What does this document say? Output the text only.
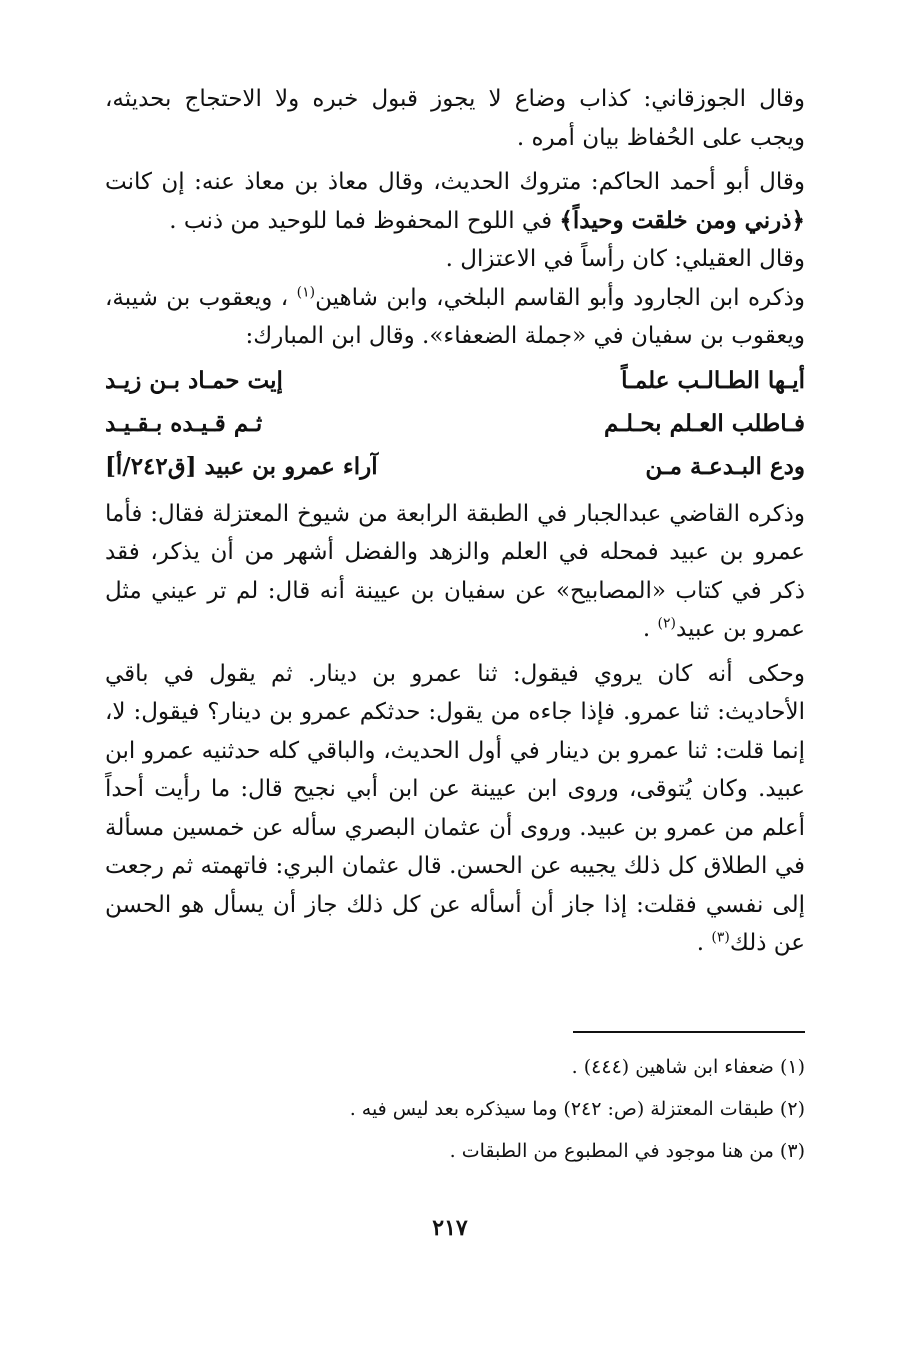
وقال الجوزقاني: كذاب وضاع لا يجوز قبول خبره ولا الاحتجاج بحديثه، ويجب على الحُفاظ بيان أمره .

وقال أبو أحمد الحاكم: متروك الحديث، وقال معاذ بن معاذ عنه: إن كانت ﴿ذرني ومن خلقت وحيداً﴾ في اللوح المحفوظ فما للوحيد من ذنب .

وقال العقيلي: كان رأساً في الاعتزال .

وذكره ابن الجارود وأبو القاسم البلخي، وابن شاهين$^{(١)}$ ، ويعقوب بن شيبة، ويعقوب بن سفيان في «جملة الضعفاء». وقال ابن المبارك:

أيـها الطـالـب علمـاً
إيت حمـاد بـن زيـد
فـاطلب العـلم بحـلـم
ثـم قـيـده بـقـيـد
ودع البـدعـة مـن
آراء عمرو بن عبيد [ق٢٤٢/أ]

وذكره القاضي عبدالجبار في الطبقة الرابعة من شيوخ المعتزلة فقال: فأما عمرو بن عبيد فمحله في العلم والزهد والفضل أشهر من أن يذكر، فقد ذكر في كتاب «المصابيح» عن سفيان بن عيينة أنه قال: لم تر عيني مثل عمرو بن عبيد$^{(٢)}$ .

وحكى أنه كان يروي فيقول: ثنا عمرو بن دينار. ثم يقول في باقي الأحاديث: ثنا عمرو. فإذا جاءه من يقول: حدثكم عمرو بن دينار؟ فيقول: لا، إنما قلت: ثنا عمرو بن دينار في أول الحديث، والباقي كله حدثنيه عمرو ابن عبيد. وكان يُتوقى، وروى ابن عيينة عن ابن أبي نجيح قال: ما رأيت أحداً أعلم من عمرو بن عبيد. وروى أن عثمان البصري سأله عن خمسين مسألة في الطلاق كل ذلك يجيبه عن الحسن. قال عثمان البري: فاتهمته ثم رجعت إلى نفسي فقلت: إذا جاز أن أسأله عن كل ذلك جاز أن يسأل هو الحسن عن ذلك$^{(٣)}$ .

(١) ضعفاء ابن شاهين (٤٤٤) .
(٢) طبقات المعتزلة (ص: ٢٤٢) وما سيذكره بعد ليس فيه .
(٣) من هنا موجود في المطبوع من الطبقات .
٢١٧
